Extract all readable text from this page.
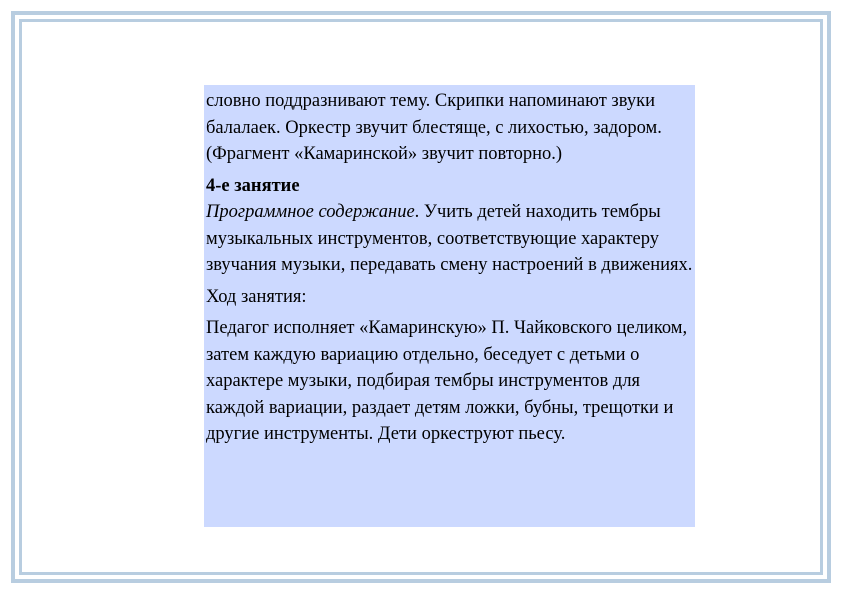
словно поддразнивают тему. Скрипки напоминают звуки балалаек. Оркестр звучит блестяще, с лихостью, задором. (Фрагмент «Камаринской» звучит повторно.)

4-е занятие

Программное содержание. Учить детей находить тембры музыкальных инструментов, соответствующие характеру звучания музыки, передавать смену настроений в движениях.

Ход занятия:

Педагог исполняет «Камаринскую» П. Чайковского целиком, затем каждую вариацию отдельно, беседует с детьми о характере музыки, подбирая тембры инструментов для каждой вариации, раздает детям ложки, бубны, трещотки и другие инструменты. Дети оркеструют пьесу.
